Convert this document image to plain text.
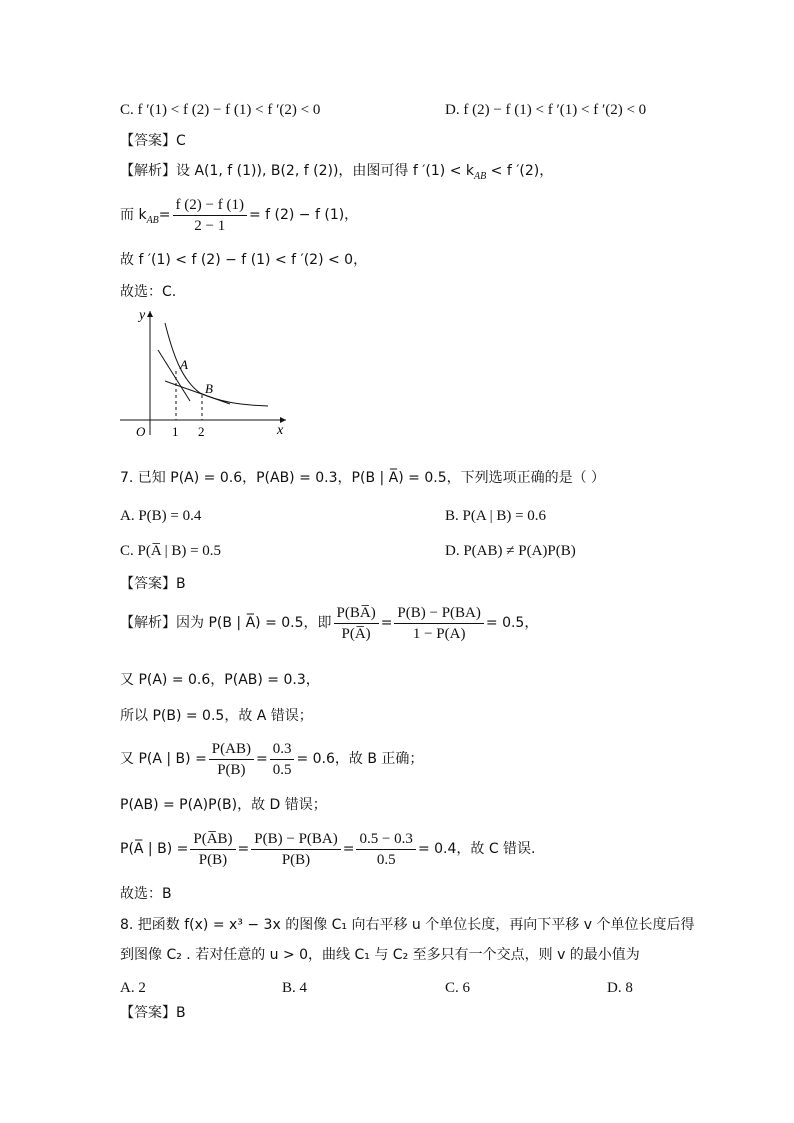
C. f ′(1) < f (2) − f (1) < f ′(2) < 0	D. f (2) − f (1) < f ′(1) < f ′(2) < 0
【答案】C
【解析】设 A(1, f (1)), B(2, f (2))，由图可得 f $'(1) < k_{AB} < f$ ′(2)，
而 $k_{AB} = \frac{f (2) - f (1)}{2 - 1} = f$ (2) − f (1)，
故 f ′(1) < f (2) − f (1) < f ′(2) < 0，
故选：C.
y
x
O
A
B
1 2
7. 已知 P(A) = 0.6，P(AB) = 0.3，P(B | A̅) = 0.5，下列选项正确的是（ ）
A. P(B) = 0.4	B. P(A | B) = 0.6
C. P(A̅ | B) = 0.5	D. P(AB) ≠ P(A)P(B)
【答案】B
【解析】因为 P(B | A̅) = 0.5，即 $\frac{P(BA̅)}{P(A̅)} = \frac{P(B) - P(BA)}{1 - P(A)} = 0.5$，
又 P(A) = 0.6，P(AB) = 0.3，
所以 P(B) = 0.5，故 A 错误；
又 P(A | $B) = \frac{P(AB)}{P(B)} = \frac{0.3}{0.5} = 0.6$，故 B 正确；
P(AB) = P(A)P(B)，故 D 错误；
P(A̅ | $B) = \frac{P(A̅B)}{P(B)} = \frac{P(B) - P(BA)}{P(B)} = \frac{0.5 - 0.3}{0.5} = 0.4$，故 C 错误.
故选：B
8. 把函数 f(x) = x³ − 3x 的图像 C₁ 向右平移 u 个单位长度，再向下平移 v 个单位长度后得
到图像 C₂ . 若对任意的 u > 0，曲线 C₁ 与 C₂ 至多只有一个交点，则 v 的最小值为
A. 2	B. 4	C. 6	D. 8
【答案】B
